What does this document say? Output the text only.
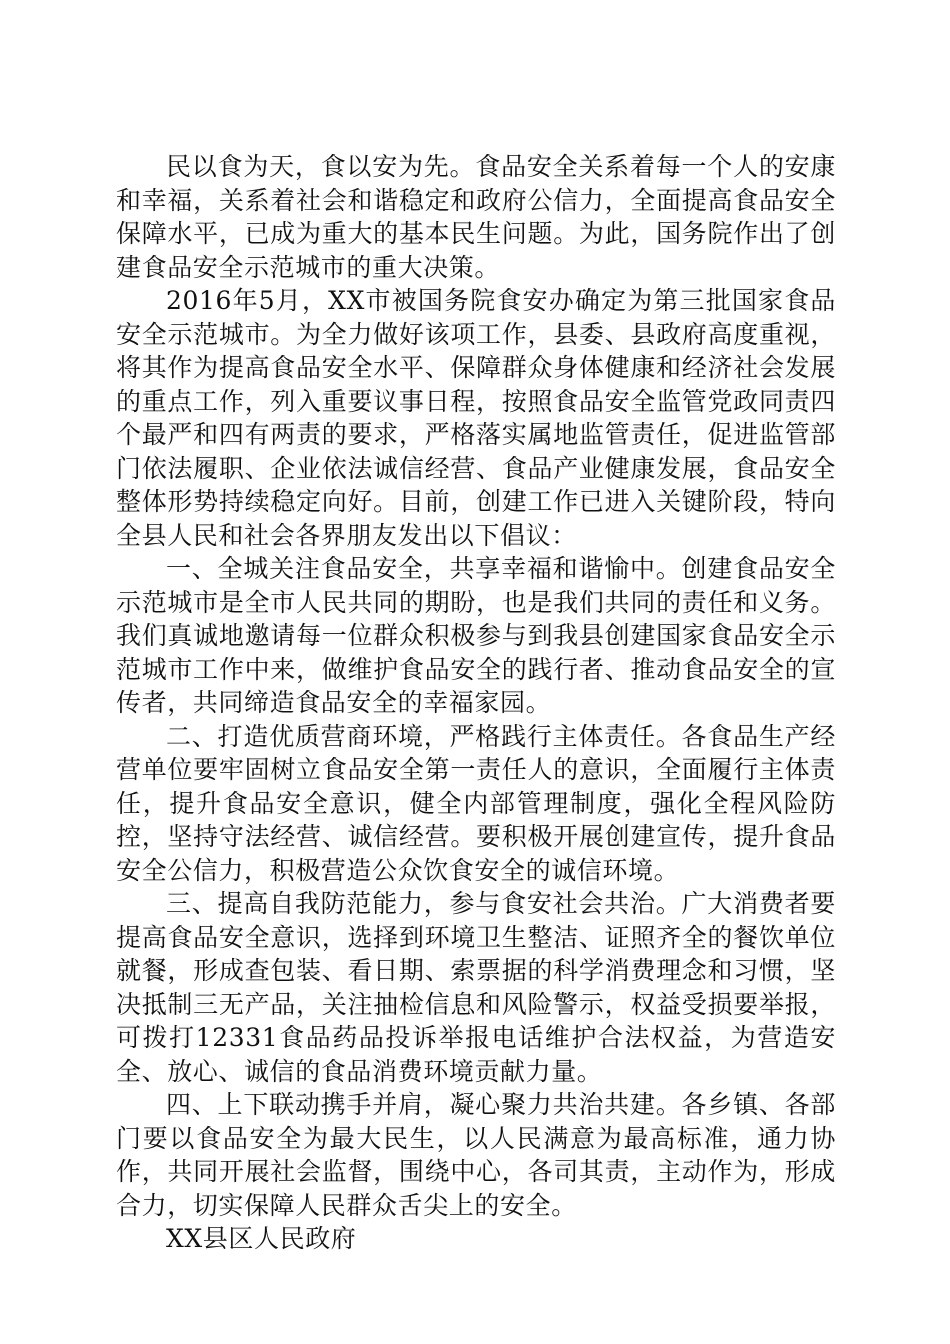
民以食为天，食以安为先。食品安全关系着每一个人的安康和幸福，关系着社会和谐稳定和政府公信力，全面提高食品安全保障水平，已成为重大的基本民生问题。为此，国务院作出了创建食品安全示范城市的重大决策。

2016年5月，XX市被国务院食安办确定为第三批国家食品安全示范城市。为全力做好该项工作，县委、县政府高度重视，将其作为提高食品安全水平、保障群众身体健康和经济社会发展的重点工作，列入重要议事日程，按照食品安全监管党政同责四个最严和四有两责的要求，严格落实属地监管责任，促进监管部门依法履职、企业依法诚信经营、食品产业健康发展，食品安全整体形势持续稳定向好。目前，创建工作已进入关键阶段，特向全县人民和社会各界朋友发出以下倡议：

一、全城关注食品安全，共享幸福和谐愉中。创建食品安全示范城市是全市人民共同的期盼，也是我们共同的责任和义务。我们真诚地邀请每一位群众积极参与到我县创建国家食品安全示范城市工作中来，做维护食品安全的践行者、推动食品安全的宣传者，共同缔造食品安全的幸福家园。

二、打造优质营商环境，严格践行主体责任。各食品生产经营单位要牢固树立食品安全第一责任人的意识，全面履行主体责任，提升食品安全意识，健全内部管理制度，强化全程风险防控，坚持守法经营、诚信经营。要积极开展创建宣传，提升食品安全公信力，积极营造公众饮食安全的诚信环境。

三、提高自我防范能力，参与食安社会共治。广大消费者要提高食品安全意识，选择到环境卫生整洁、证照齐全的餐饮单位就餐，形成查包装、看日期、索票据的科学消费理念和习惯，坚决抵制三无产品，关注抽检信息和风险警示，权益受损要举报，可拨打12331食品药品投诉举报电话维护合法权益，为营造安全、放心、诚信的食品消费环境贡献力量。

四、上下联动携手并肩，凝心聚力共治共建。各乡镇、各部门要以食品安全为最大民生，以人民满意为最高标准，通力协作，共同开展社会监督，围绕中心，各司其责，主动作为，形成合力，切实保障人民群众舌尖上的安全。

XX县区人民政府
